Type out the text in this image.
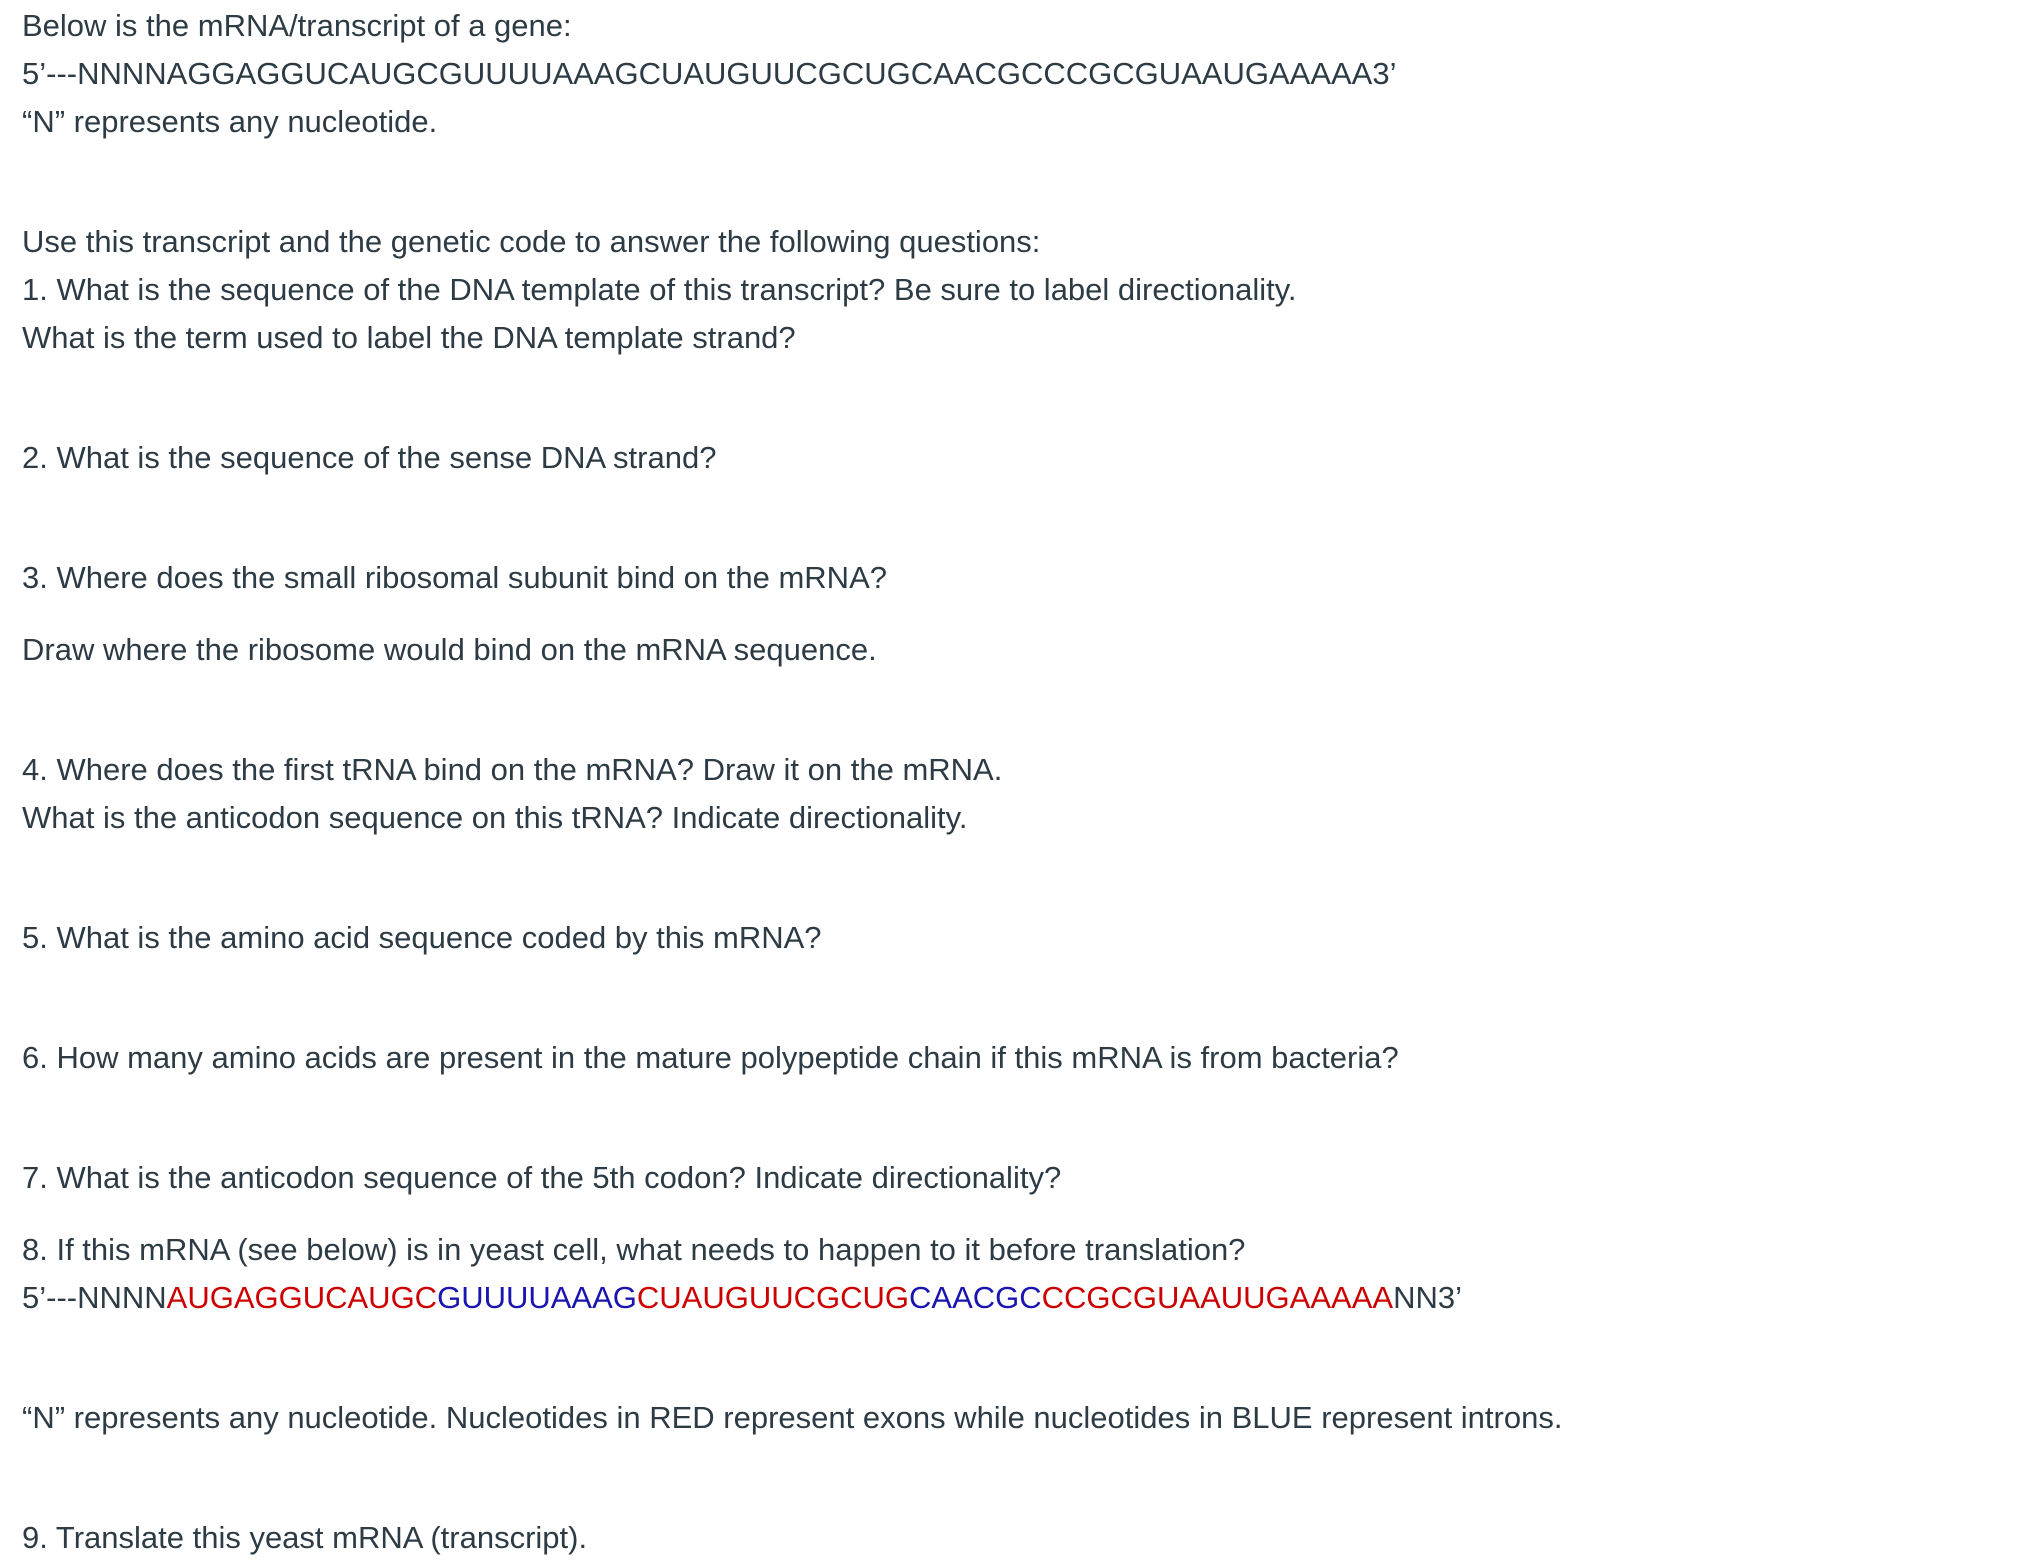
Below is the mRNA/transcript of a gene:

5’---NNNNAGGAGGUCAUGCGUUUUAAAGCUAUGUUCGCUGCAACGCCCGCGUAAUGAAAAA3’

“N” represents any nucleotide.

Use this transcript and the genetic code to answer the following questions:

1. What is the sequence of the DNA template of this transcript? Be sure to label directionality.

What is the term used to label the DNA template strand?

2. What is the sequence of the sense DNA strand?

3. Where does the small ribosomal subunit bind on the mRNA?

Draw where the ribosome would bind on the mRNA sequence.

4. Where does the first tRNA bind on the mRNA? Draw it on the mRNA.

What is the anticodon sequence on this tRNA? Indicate directionality.

5. What is the amino acid sequence coded by this mRNA?

6. How many amino acids are present in the mature polypeptide chain if this mRNA is from bacteria?

7. What is the anticodon sequence of the 5th codon? Indicate directionality?

8. If this mRNA (see below) is in yeast cell, what needs to happen to it before translation?

5’---NNNNAUGAGGUCAUGCGUUUUAAAGCUAUGUUCGCUGCAACGCCCGCGUAAUUGAAAAANN3’

“N” represents any nucleotide. Nucleotides in RED represent exons while nucleotides in BLUE represent introns.

9. Translate this yeast mRNA (transcript).
